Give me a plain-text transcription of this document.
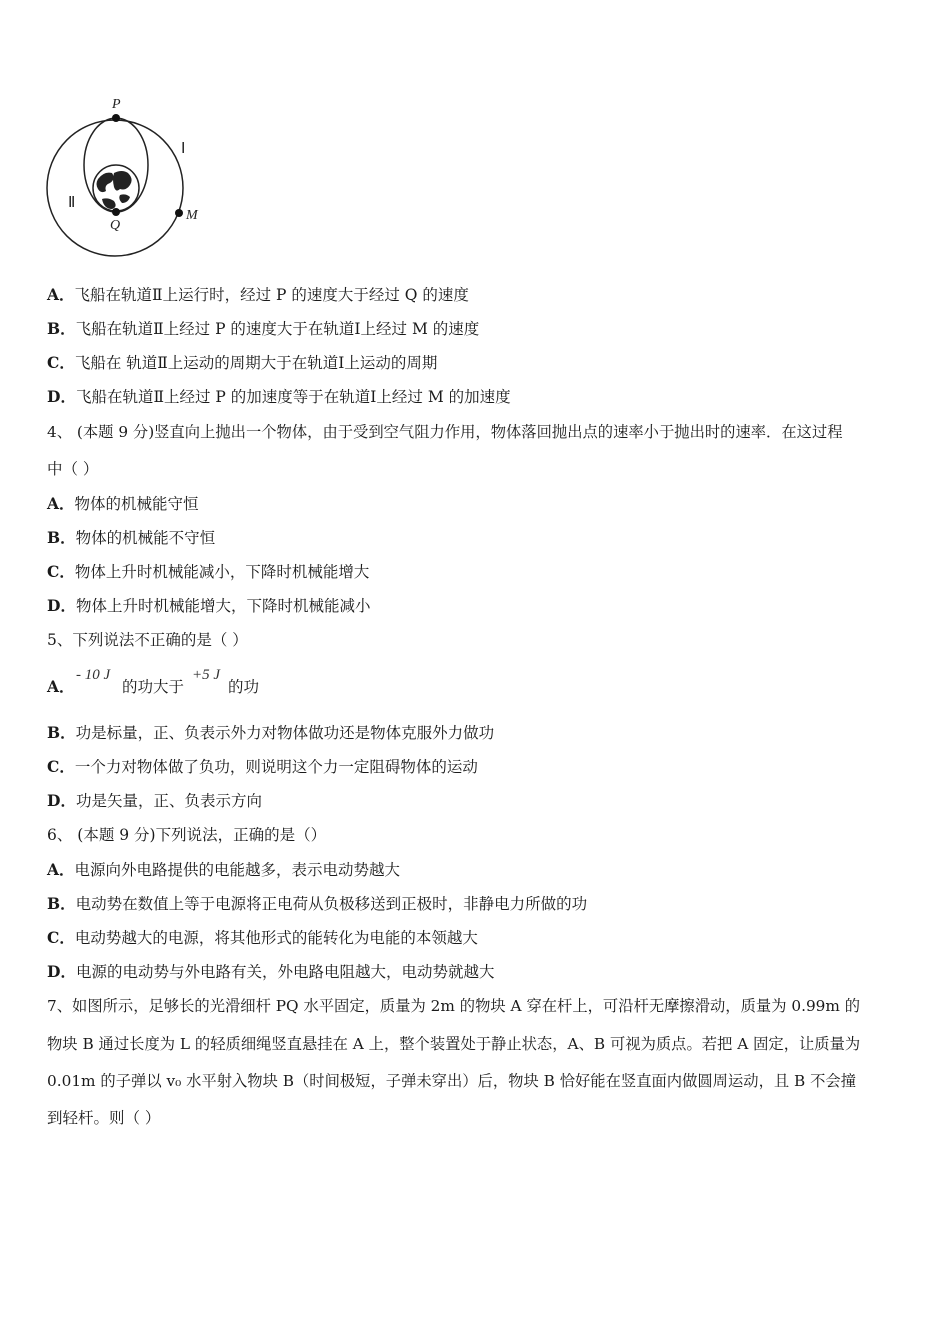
P
Q
M
Ⅰ
Ⅱ
A．飞船在轨道Ⅱ上运行时，经过 P 的速度大于经过 Q 的速度
B．飞船在轨道Ⅱ上经过 P 的速度大于在轨道Ⅰ上经过 M 的速度
C．飞船在 轨道Ⅱ上运动的周期大于在轨道Ⅰ上运动的周期
D．飞船在轨道Ⅱ上经过 P 的加速度等于在轨道Ⅰ上经过 M 的加速度
4、 (本题 9 分)竖直向上抛出一个物体，由于受到空气阻力作用，物体落回抛出点的速率小于抛出时的速率．在这过程
中（ ）
A．物体的机械能守恒
B．物体的机械能不守恒
C．物体上升时机械能减小，下降时机械能增大
D．物体上升时机械能增大，下降时机械能减小
5、下列说法不正确的是（ ）
A．
- 10 J
的功大于
+5 J
的功
B．功是标量，正、负表示外力对物体做功还是物体克服外力做功
C．一个力对物体做了负功，则说明这个力一定阻碍物体的运动
D．功是矢量，正、负表示方向
6、 (本题 9 分)下列说法，正确的是（）
A．电源向外电路提供的电能越多，表示电动势越大
B．电动势在数值上等于电源将正电荷从负极移送到正极时，非静电力所做的功
C．电动势越大的电源，将其他形式的能转化为电能的本领越大
D．电源的电动势与外电路有关，外电路电阻越大，电动势就越大
7、如图所示，足够长的光滑细杆 PQ 水平固定，质量为 2m 的物块 A 穿在杆上，可沿杆无摩擦滑动，质量为 0.99m 的
物块 B 通过长度为 L 的轻质细绳竖直悬挂在 A 上，整个装置处于静止状态，A、B 可视为质点。若把 A 固定，让质量为
0.01m 的子弹以 v₀ 水平射入物块 B（时间极短，子弹未穿出）后，物块 B 恰好能在竖直面内做圆周运动，且 B 不会撞
到轻杆。则（ ）
